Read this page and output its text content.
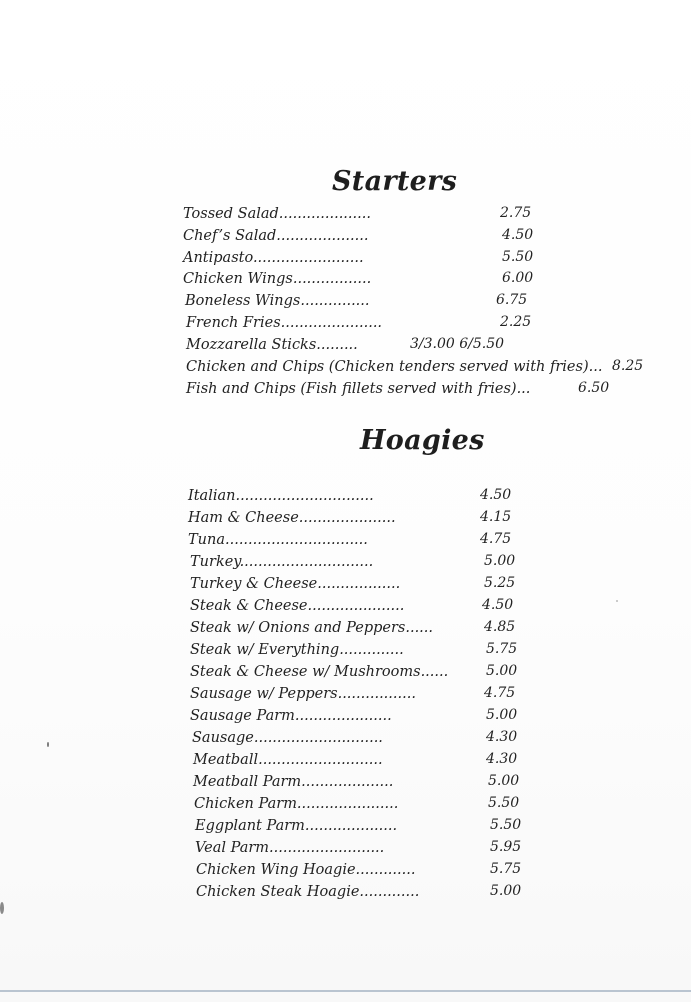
Starters
Tossed Salad....................	2.75
Chef’s Salad....................	4.50
Antipasto........................	5.50
Chicken Wings.................	6.00
Boneless Wings...............	6.75
French Fries......................	2.25
Mozzarella Sticks.........	3/3.00 6/5.50
Chicken and Chips (Chicken tenders served with fries)... 8.25
Fish and Chips (Fish fillets served with fries)...	6.50
Hoagies
Italian..............................	4.50
Ham & Cheese.....................	4.15
Tuna...............................	4.75
Turkey.............................	5.00
Turkey & Cheese..................	5.25
Steak & Cheese.....................	4.50
Steak w/ Onions and Peppers......	4.85
Steak w/ Everything..............	5.75
Steak & Cheese w/ Mushrooms......	5.00
Sausage w/ Peppers.................	4.75
Sausage Parm.....................	5.00
Sausage............................	4.30
Meatball...........................	4.30
Meatball Parm....................	5.00
Chicken Parm......................	5.50
Eggplant Parm....................	5.50
Veal Parm.........................	5.95
Chicken Wing Hoagie.............	5.75
Chicken Steak Hoagie.............	5.00
